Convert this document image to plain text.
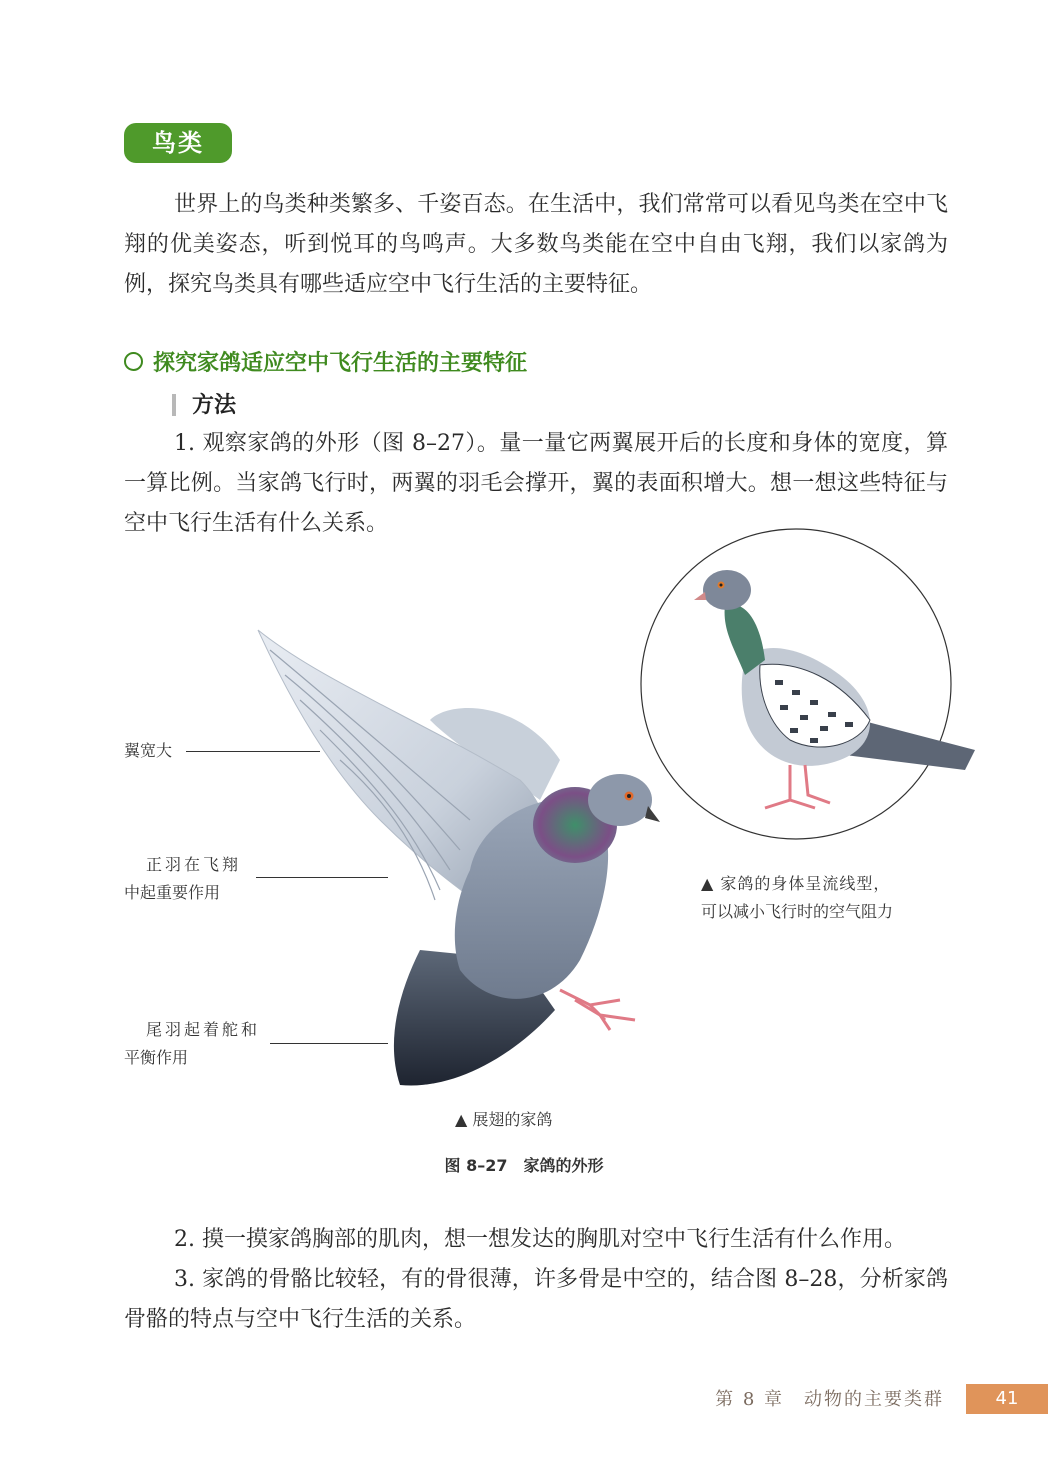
鸟类

世界上的鸟类种类繁多、千姿百态。在生活中，我们常常可以看见鸟类在空中飞翔的优美姿态，听到悦耳的鸟鸣声。大多数鸟类能在空中自由飞翔，我们以家鸽为例，探究鸟类具有哪些适应空中飞行生活的主要特征。

探究家鸽适应空中飞行生活的主要特征
方法

1. 观察家鸽的外形（图 8–27）。量一量它两翼展开后的长度和身体的宽度，算一算比例。当家鸽飞行时，两翼的羽毛会撑开，翼的表面积增大。想一想这些特征与空中飞行生活有什么关系。

翼宽大
正羽在飞翔
中起重要作用
尾羽起着舵和
平衡作用
▲ 展翅的家鸽
▲ 家鸽的身体呈流线型，
可以减小飞行时的空气阻力
图 8–27　家鸽的外形

2. 摸一摸家鸽胸部的肌肉，想一想发达的胸肌对空中飞行生活有什么作用。

3. 家鸽的骨骼比较轻，有的骨很薄，许多骨是中空的，结合图 8–28，分析家鸽骨骼的特点与空中飞行生活的关系。

第 8 章　动物的主要类群	41
